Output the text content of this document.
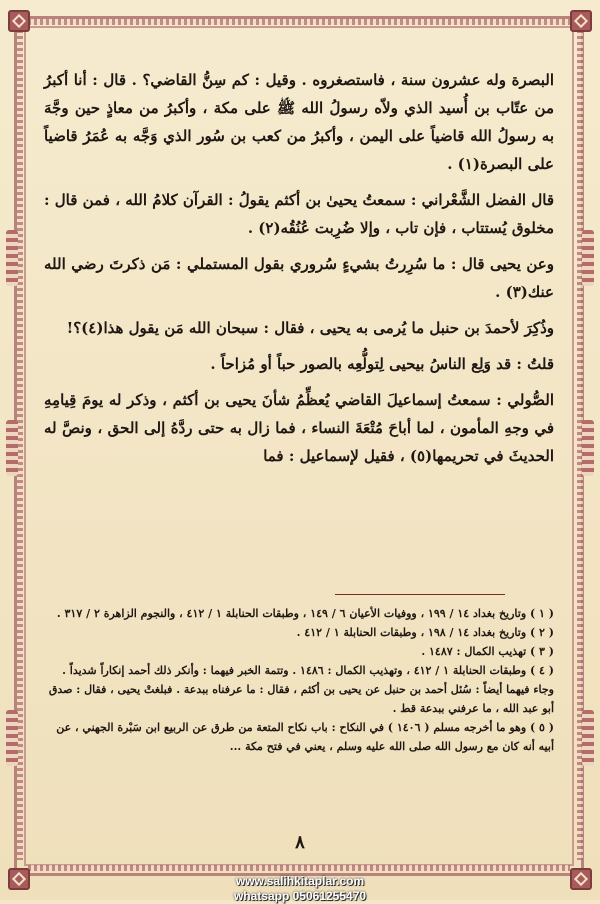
البصرة وله عشرون سنة ، فاستصغروه . وقيل : كم سِنُّ القاضي؟ . قال : أنا أكبرُ من عتّاب بن أُسيد الذي ولاّه رسولُ الله ﷺ على مكة ، وأكبرُ من معاذٍ حين وجَّهَ به رسولُ الله قاضياً على اليمن ، وأكبرُ من كعب بن سُور الذي وَجَّه به عُمَرُ قاضياً على البصرة(١) .

قال الفضل الشَّعْراني : سمعتُ يحيىٰ بن أكثم يقولُ : القرآن كلامُ الله ، فمن قال : مخلوق يُستتاب ، فإن تاب ، وإلا ضُرِبت عُنُقُه(٢) .

وعن يحيى قال : ما سُرِرتُ بشيءٍ سُروري بقول المستملي : مَن ذكرتَ رضي الله عنك(٣) .

وذُكِرَ لأحمدَ بن حنبل ما يُرمى به يحيى ، فقال : سبحان الله مَن يقول هذا(٤)؟!

قلتُ : قد وَلِع الناسُ بيحيى لِتولُّعِه بالصور حباً أو مُزاحاً .

الصُّولي : سمعتُ إسماعيلَ القاضي يُعظِّمُ شأنَ يحيى بن أكثم ، وذكر له يومَ قِيامِهِ في وجهِ المأمون ، لما أباحَ مُتْعَةَ النساء ، فما زال به حتى ردَّهُ إلى الحق ، ونصَّ له الحديثَ في تحريمها(٥) ، فقيل لإسماعيل : فما

( ١ ) وتاريخ بغداد ١٤ / ١٩٩ ، ووفيات الأعيان ٦ / ١٤٩ ، وطبقات الحنابلة ١ / ٤١٢ ، والنجوم الزاهرة ٢ / ٣١٧ .

( ٢ ) وتاريخ بغداد ١٤ / ١٩٨ ، وطبقات الحنابلة ١ / ٤١٢ .

( ٣ ) تهذيب الكمال : ١٤٨٧ .

( ٤ ) وطبقات الحنابلة ١ / ٤١٢ ، وتهذيب الكمال : ١٤٨٦ . وتتمة الخبر فيهما : وأنكر ذلك أحمد إنكاراً شديداً . وجاء فيهما أيضاً : سُئل أحمد بن حنبل عن يحيى بن أكثم ، فقال : ما عرفناه ببدعة . فبلغتْ يحيى ، فقال : صدق أبو عبد الله ، ما عرفني ببدعة قط .

( ٥ ) وهو ما أخرجه مسلم ( ١٤٠٦ ) في النكاح : باب نكاح المتعة من طرق عن الربيع ابن سَبْرة الجهني ، عن أبيه أنه كان مع رسول الله صلى الله عليه وسلم ، يعني في فتح مكة ...

٨
www.salihkitaplar.com
whatsapp 05061255470
